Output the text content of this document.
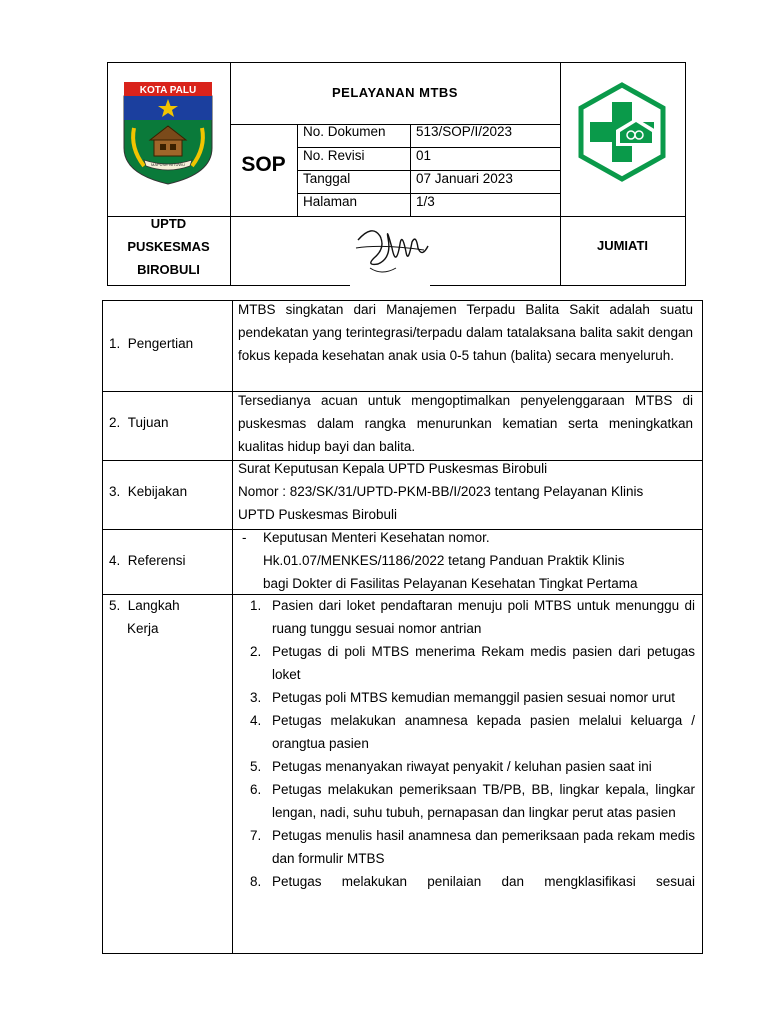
KOTA PALU
MAPUSE NITUWU
PELAYANAN MTBS
SOP
No. Dokumen 513/SOP/I/2023
No. Revisi	01
Tanggal	07 Januari 2023
Halaman	1/3
UPTD
PUSKESMAS
BIROBULI
JUMIATI
1. Pengertian
MTBS singkatan dari Manajemen Terpadu Balita Sakit adalah suatu pendekatan yang terintegrasi/terpadu dalam tatalaksana balita sakit dengan fokus kepada kesehatan anak usia 0-5 tahun (balita) secara menyeluruh.
2. Tujuan
Tersedianya acuan untuk mengoptimalkan penyelenggaraan MTBS di puskesmas dalam rangka menurunkan kematian serta meningkatkan kualitas hidup bayi dan balita.
3. Kebijakan
Surat Keputusan Kepala UPTD Puskesmas Birobuli
Nomor : 823/SK/31/UPTD-PKM-BB/I/2023 tentang Pelayanan Klinis
UPTD Puskesmas Birobuli
4. Referensi
- Keputusan Menteri Kesehatan nomor.
Hk.01.07/MENKES/1186/2022 tetang Panduan Praktik Klinis
bagi Dokter di Fasilitas Pelayanan Kesehatan Tingkat Pertama
5. Langkah
Kerja
1. Pasien dari loket pendaftaran menuju poli MTBS untuk menunggu di ruang tunggu sesuai nomor antrian
2. Petugas di poli MTBS menerima Rekam medis pasien dari petugas loket
3. Petugas poli MTBS kemudian memanggil pasien sesuai nomor urut
4. Petugas melakukan anamnesa kepada pasien melalui keluarga / orangtua pasien
5. Petugas menanyakan riwayat penyakit / keluhan pasien saat ini
6. Petugas melakukan pemeriksaan TB/PB, BB, lingkar kepala, lingkar lengan, nadi, suhu tubuh, pernapasan dan lingkar perut atas pasien
7. Petugas menulis hasil anamnesa dan pemeriksaan pada rekam medis dan formulir MTBS
8. Petugas melakukan penilaian dan mengklasifikasi sesuai
